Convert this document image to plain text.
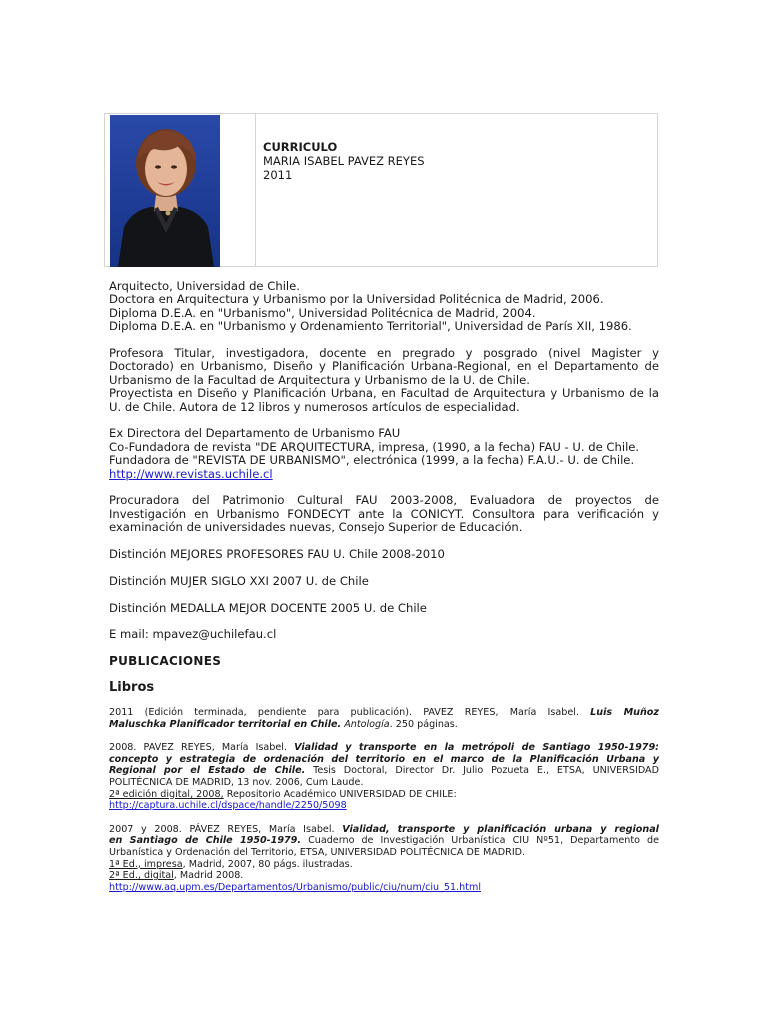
CURRICULO
MARIA ISABEL PAVEZ REYES
2011
Arquitecto, Universidad de Chile.
Doctora en Arquitectura y Urbanismo por la Universidad Politécnica de Madrid, 2006.
Diploma D.E.A. en "Urbanismo", Universidad Politécnica de Madrid, 2004.
Diploma D.E.A. en "Urbanismo y Ordenamiento Territorial", Universidad de París XII, 1986.
Profesora Titular, investigadora, docente en pregrado y posgrado (nivel Magister y
Doctorado) en Urbanismo, Diseño y Planificación Urbana-Regional, en el Departamento de
Urbanismo de la Facultad de Arquitectura y Urbanismo de la U. de Chile.
Proyectista en Diseño y Planificación Urbana, en Facultad de Arquitectura y Urbanismo de la
U. de Chile. Autora de 12 libros y numerosos artículos de especialidad.
Ex Directora del Departamento de Urbanismo FAU
Co-Fundadora de revista "DE ARQUITECTURA, impresa, (1990, a la fecha) FAU - U. de Chile.
Fundadora de "REVISTA DE URBANISMO", electrónica (1999, a la fecha) F.A.U.- U. de Chile.
http://www.revistas.uchile.cl
Procuradora del Patrimonio Cultural FAU 2003-2008, Evaluadora de proyectos de
Investigación en Urbanismo FONDECYT ante la CONICYT. Consultora para verificación y
examinación de universidades nuevas, Consejo Superior de Educación.
Distinción MEJORES PROFESORES FAU U. Chile 2008-2010
Distinción MUJER SIGLO XXI 2007 U. de Chile
Distinción MEDALLA MEJOR DOCENTE 2005 U. de Chile
E mail: mpavez@uchilefau.cl
PUBLICACIONES
Libros
2011 (Edición terminada, pendiente para publicación). PAVEZ REYES, María Isabel. Luis Muñoz
Maluschka Planificador territorial en Chile. Antología. 250 páginas.
2008. PAVEZ REYES, María Isabel. Vialidad y transporte en la metrópoli de Santiago 1950-1979:
concepto y estrategia de ordenación del territorio en el marco de la Planificación Urbana y
Regional por el Estado de Chile. Tesis Doctoral, Director Dr. Julio Pozueta E., ETSA, UNIVERSIDAD
POLITÉCNICA DE MADRID, 13 nov. 2006, Cum Laude.
2ª edición digital, 2008, Repositorio Académico UNIVERSIDAD DE CHILE:
http://captura.uchile.cl/dspace/handle/2250/5098
2007 y 2008. PÁVEZ REYES, María Isabel. Vialidad, transporte y planificación urbana y regional
en Santiago de Chile 1950-1979. Cuaderno de Investigación Urbanística CIU Nº51, Departamento de
Urbanística y Ordenación del Territorio, ETSA, UNIVERSIDAD POLITÉCNICA DE MADRID.
1ª Ed., impresa, Madrid, 2007, 80 págs. ilustradas.
2ª Ed., digital, Madrid 2008.
http://www.aq.upm.es/Departamentos/Urbanismo/public/ciu/num/ciu_51.html
